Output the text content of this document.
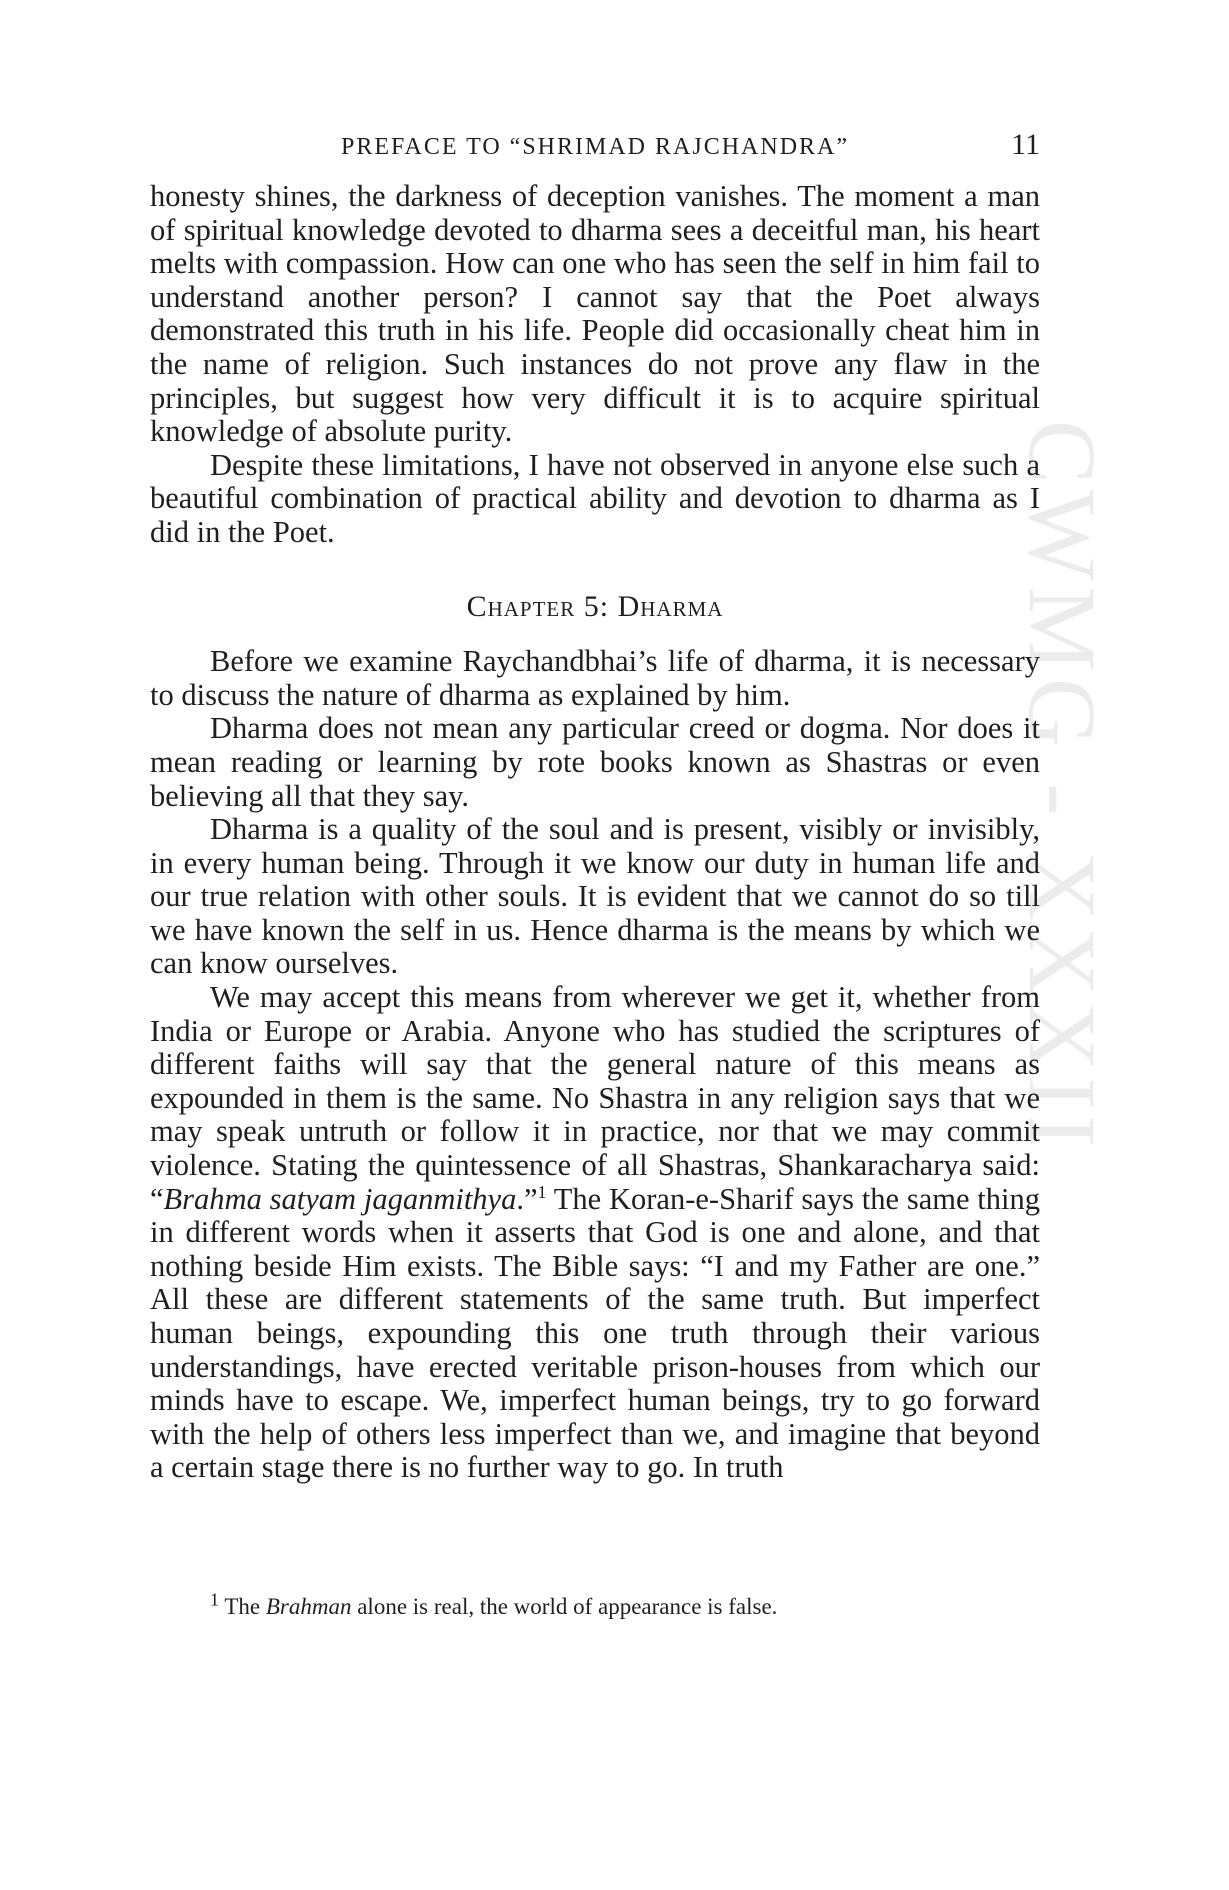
CWMG - XXXII
PREFACE TO “SHRIMAD RAJCHANDRA”	11

honesty shines, the darkness of deception vanishes. The moment a man of spiritual knowledge devoted to dharma sees a deceitful man, his heart melts with compassion. How can one who has seen the self in him fail to understand another person? I cannot say that the Poet always demonstrated this truth in his life. People did occasionally cheat him in the name of religion. Such instances do not prove any flaw in the principles, but suggest how very difficult it is to acquire spiritual knowledge of absolute purity.

Despite these limitations, I have not observed in anyone else such a beautiful combination of practical ability and devotion to dharma as I did in the Poet.

Chapter 5: Dharma

Before we examine Raychandbhai’s life of dharma, it is necessary to discuss the nature of dharma as explained by him.

Dharma does not mean any particular creed or dogma. Nor does it mean reading or learning by rote books known as Shastras or even believing all that they say.

Dharma is a quality of the soul and is present, visibly or invisibly, in every human being. Through it we know our duty in human life and our true relation with other souls. It is evident that we cannot do so till we have known the self in us. Hence dharma is the means by which we can know ourselves.

We may accept this means from wherever we get it, whether from India or Europe or Arabia. Anyone who has studied the scriptures of different faiths will say that the general nature of this means as expounded in them is the same. No Shastra in any religion says that we may speak untruth or follow it in practice, nor that we may commit violence. Stating the quintessence of all Shastras, Shankaracharya said: “Brahma satyam jaganmithya.”$^1$ The Koran-e-Sharif says the same thing in different words when it asserts that God is one and alone, and that nothing beside Him exists. The Bible says: “I and my Father are one.” All these are different statements of the same truth. But imperfect human beings, expounding this one truth through their various understandings, have erected veritable prison-houses from which our minds have to escape. We, imperfect human beings, try to go forward with the help of others less imperfect than we, and imagine that beyond a certain stage there is no further way to go. In truth

$^1$ The Brahman alone is real, the world of appearance is false.
